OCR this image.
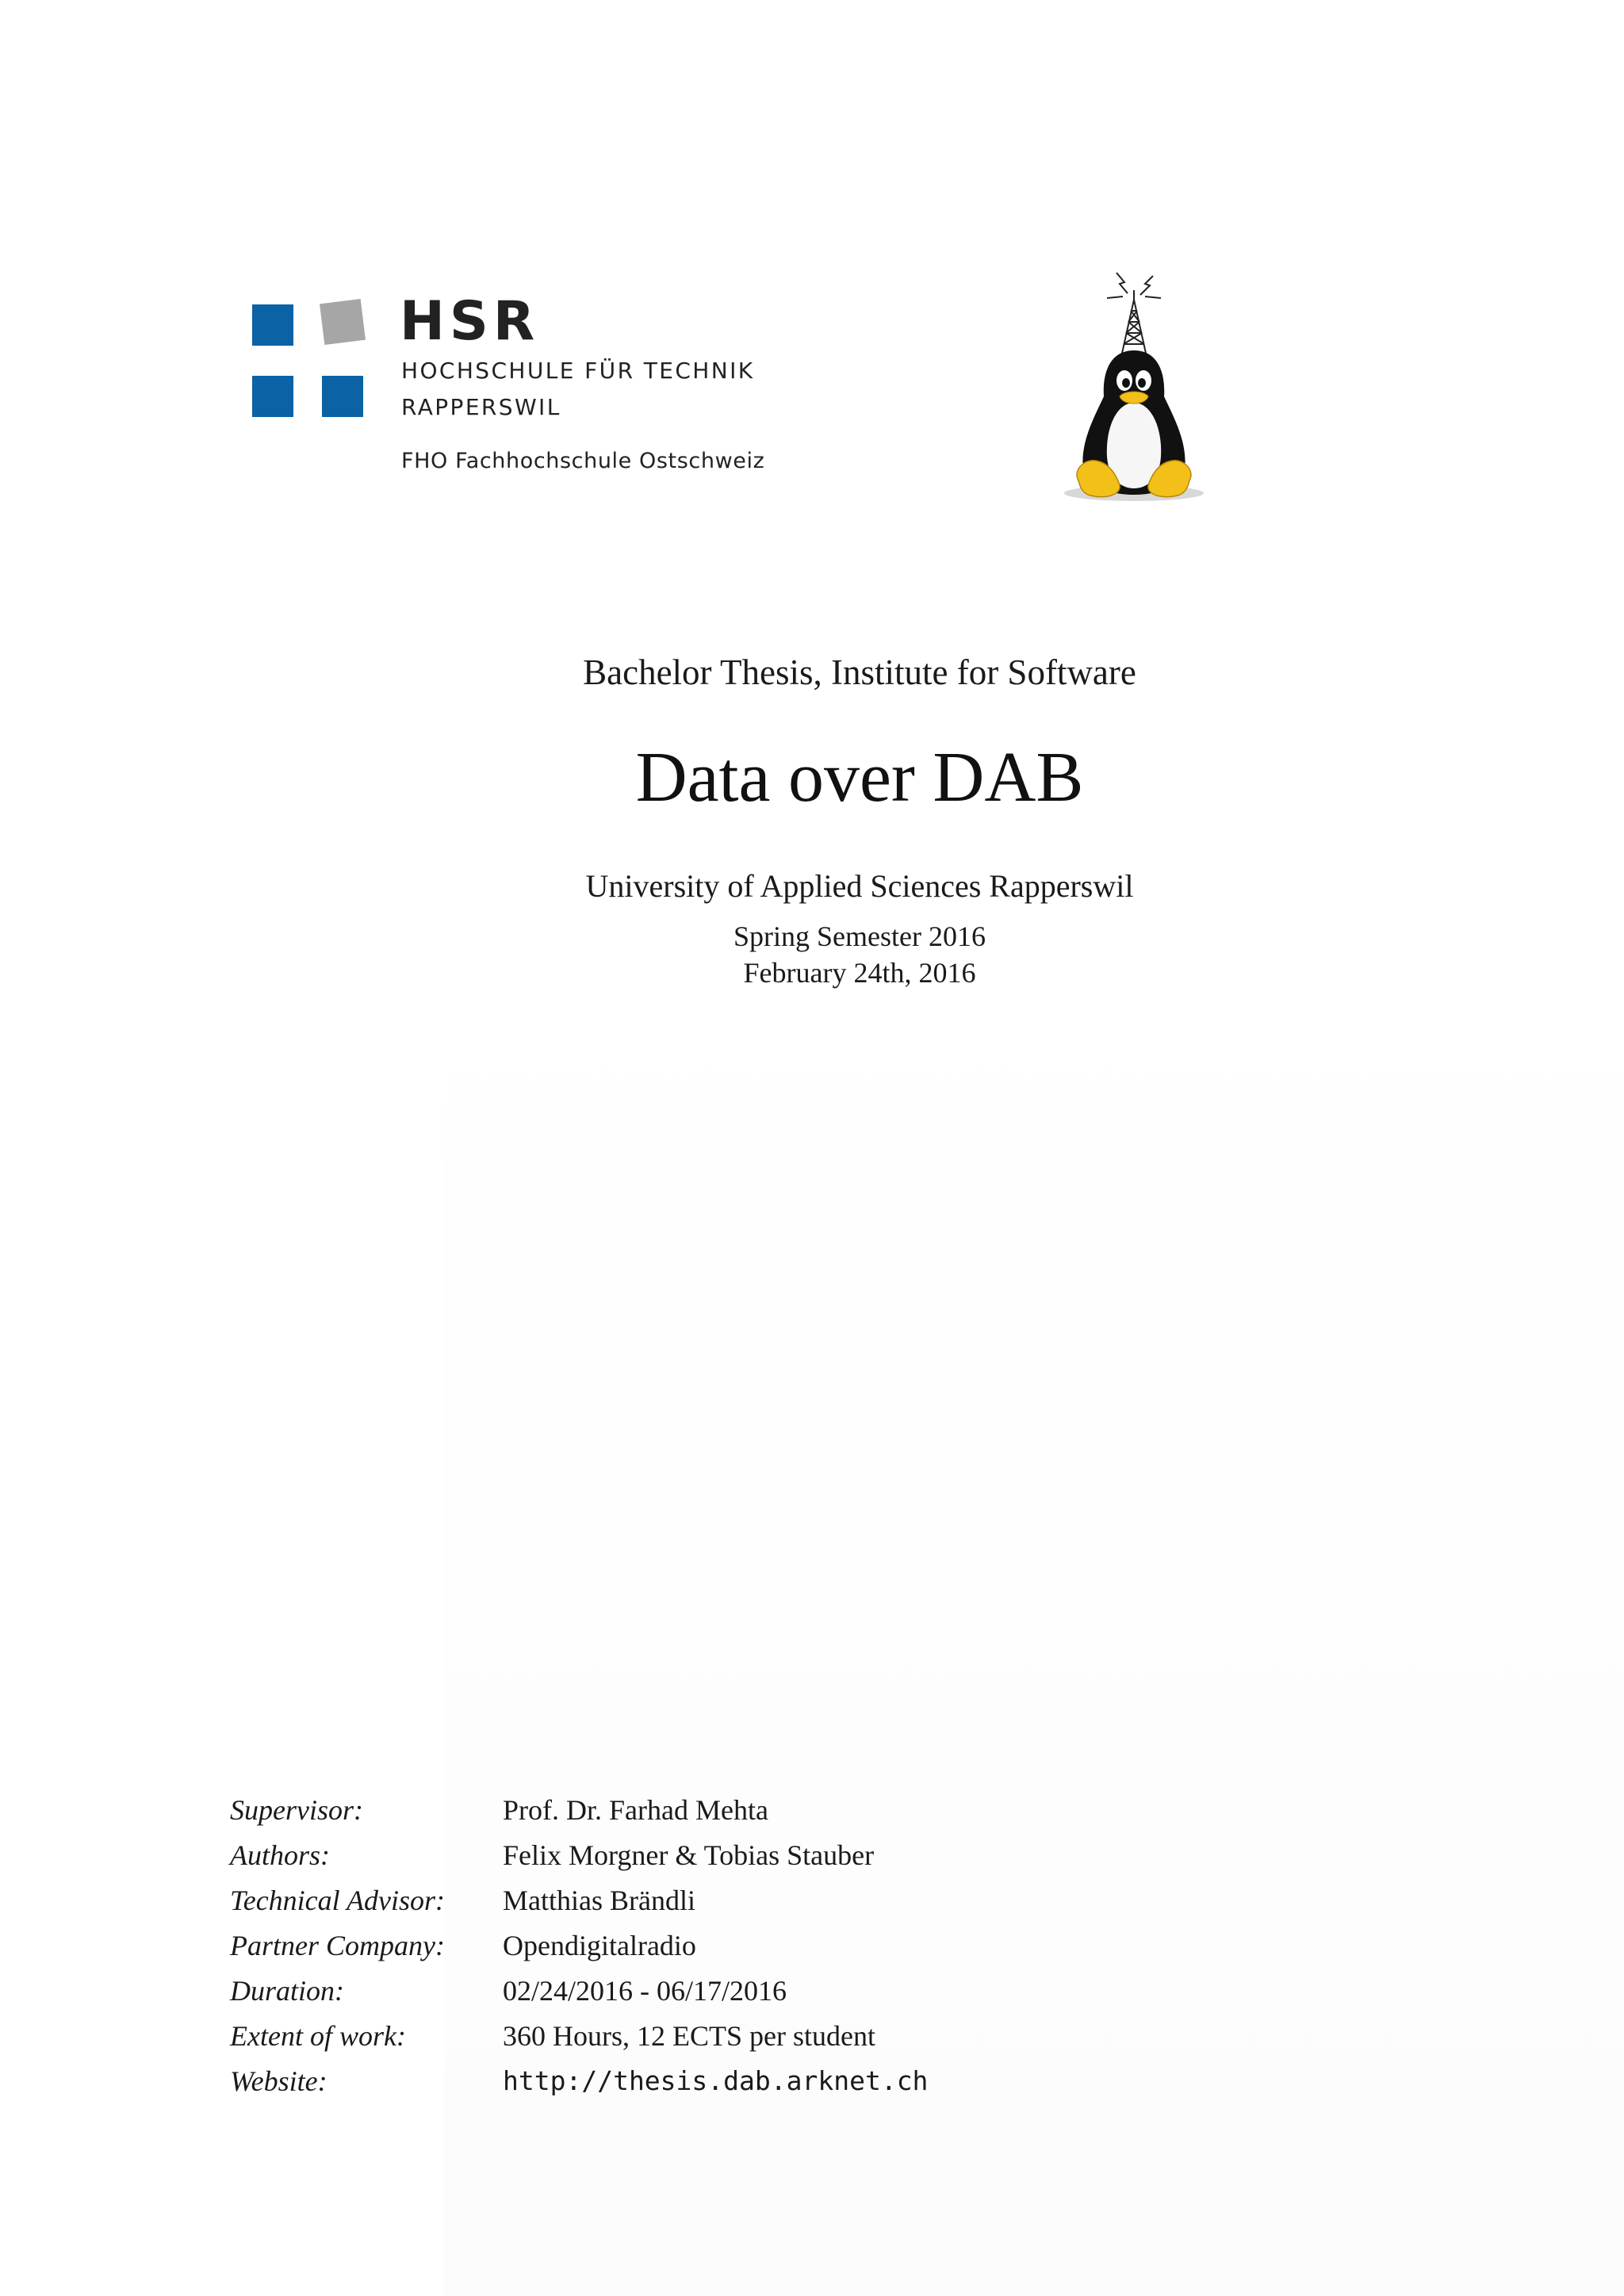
HSR
HOCHSCHULE FÜR TECHNIK
RAPPERSWIL
FHO Fachhochschule Ostschweiz
Bachelor Thesis, Institute for Software
Data over DAB
University of Applied Sciences Rapperswil
Spring Semester 2016
February 24th, 2016
Supervisor:	Prof. Dr. Farhad Mehta
Authors:	Felix Morgner & Tobias Stauber
Technical Advisor: Matthias Brändli
Partner Company: Opendigitalradio
Duration:	02/24/2016 - 06/17/2016
Extent of work:	360 Hours, 12 ECTS per student
Website:	http://thesis.dab.arknet.ch
